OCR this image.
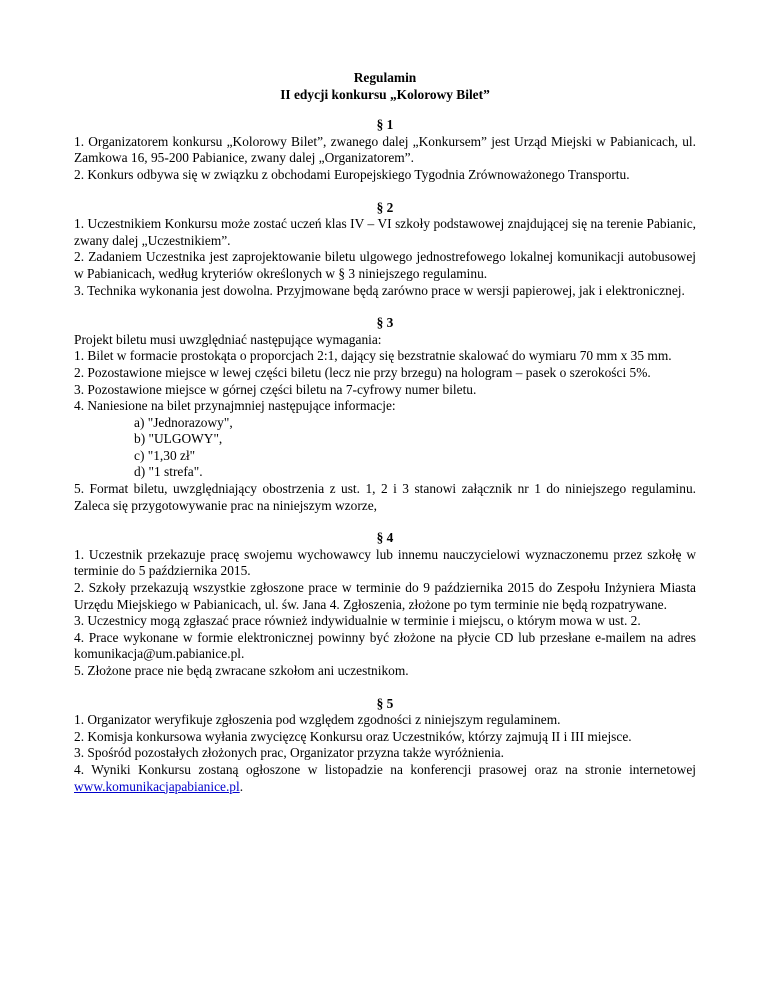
Regulamin
II edycji konkursu „Kolorowy Bilet”
§ 1
1. Organizatorem konkursu „Kolorowy Bilet”, zwanego dalej „Konkursem” jest Urząd Miejski w Pabianicach, ul. Zamkowa 16, 95-200 Pabianice, zwany dalej „Organizatorem”.
2. Konkurs odbywa się w związku z obchodami Europejskiego Tygodnia Zrównoważonego Transportu.
§ 2
1. Uczestnikiem Konkursu może zostać uczeń klas IV – VI szkoły podstawowej znajdującej się na terenie Pabianic, zwany dalej „Uczestnikiem”.
2. Zadaniem Uczestnika jest zaprojektowanie biletu ulgowego jednostrefowego lokalnej komunikacji autobusowej w Pabianicach, według kryteriów określonych w § 3 niniejszego regulaminu.
3. Technika wykonania jest dowolna. Przyjmowane będą zarówno prace w wersji papierowej, jak i elektronicznej.
§ 3
Projekt biletu musi uwzględniać następujące wymagania:
1. Bilet w formacie prostokąta o proporcjach 2:1, dający się bezstratnie skalować do wymiaru 70 mm x 35 mm.
2. Pozostawione miejsce w lewej części biletu (lecz nie przy brzegu) na hologram – pasek o szerokości 5%.
3. Pozostawione miejsce w górnej części biletu na 7-cyfrowy numer biletu.
4. Naniesione na bilet przynajmniej następujące informacje:
a) "Jednorazowy",
b) "ULGOWY",
c) "1,30 zł"
d) "1 strefa".
5. Format biletu, uwzględniający obostrzenia z ust. 1, 2 i 3 stanowi załącznik nr 1 do niniejszego regulaminu. Zaleca się przygotowywanie prac na niniejszym wzorze,
§ 4
1. Uczestnik przekazuje pracę swojemu wychowawcy lub innemu nauczycielowi wyznaczonemu przez szkołę w terminie do 5 października 2015.
2. Szkoły przekazują wszystkie zgłoszone prace w terminie do 9 października 2015 do Zespołu Inżyniera Miasta Urzędu Miejskiego w Pabianicach, ul. św. Jana 4. Zgłoszenia, złożone po tym terminie nie będą rozpatrywane.
3. Uczestnicy mogą zgłaszać prace również indywidualnie w terminie i miejscu, o którym mowa w ust. 2.
4. Prace wykonane w formie elektronicznej powinny być złożone na płycie CD lub przesłane e-mailem na adres komunikacja@um.pabianice.pl.
5. Złożone prace nie będą zwracane szkołom ani uczestnikom.
§ 5
1. Organizator weryfikuje zgłoszenia pod względem zgodności z niniejszym regulaminem.
2. Komisja konkursowa wyłania zwycięzcę Konkursu oraz Uczestników, którzy zajmują II i III miejsce.
3. Spośród pozostałych złożonych prac, Organizator przyzna także wyróżnienia.
4. Wyniki Konkursu zostaną ogłoszone w listopadzie na konferencji prasowej oraz na stronie internetowej www.komunikacjapabianice.pl.
